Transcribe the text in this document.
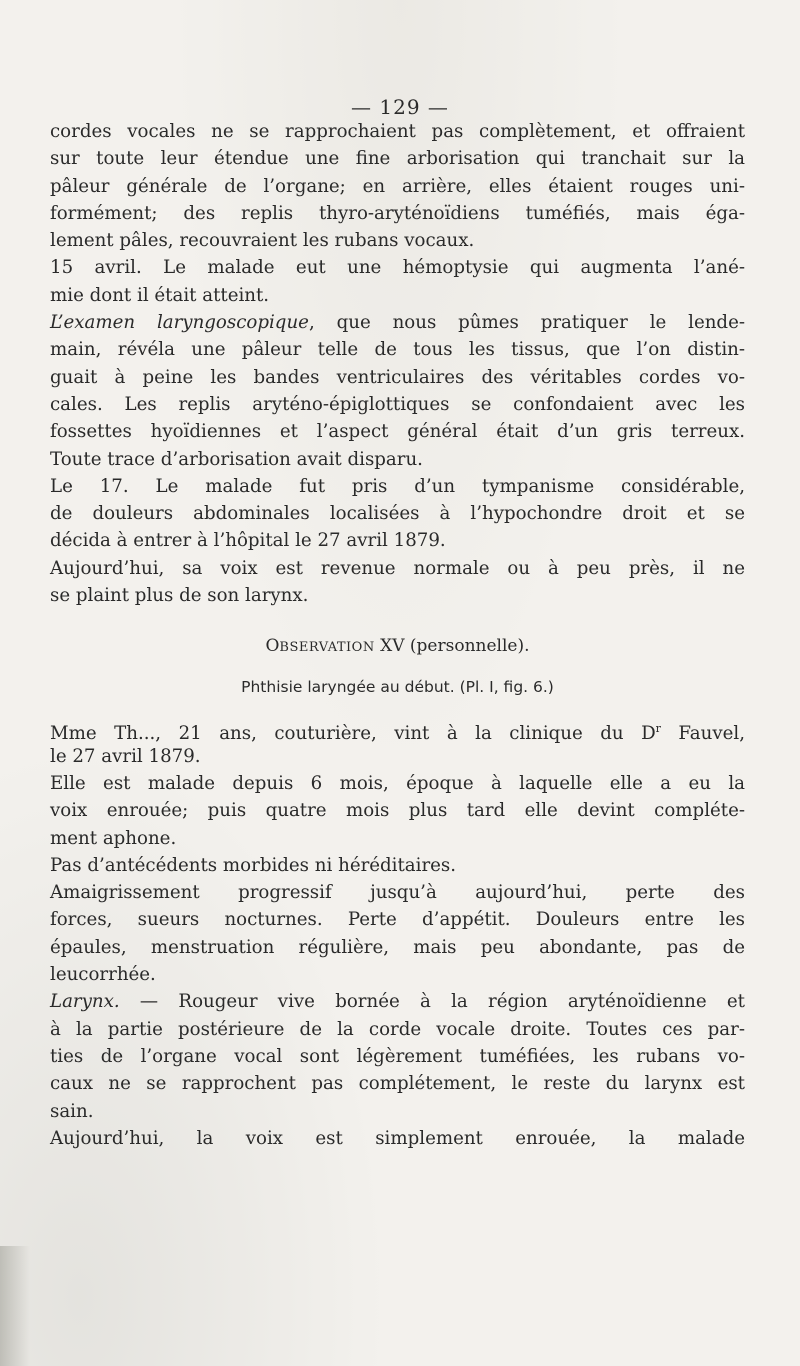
— 129 —
cordes vocales ne se rapprochaient pas complètement, et offraient
sur toute leur étendue une fine arborisation qui tranchait sur la
pâleur générale de l’organe; en arrière, elles étaient rouges uni-
formément; des replis thyro-aryténoïdiens tuméfiés, mais éga-
lement pâles, recouvraient les rubans vocaux.
15 avril. Le malade eut une hémoptysie qui augmenta l’ané-
mie dont il était atteint.
L’examen laryngoscopique, que nous pûmes pratiquer le lende-
main, révéla une pâleur telle de tous les tissus, que l’on distin-
guait à peine les bandes ventriculaires des véritables cordes vo-
cales. Les replis aryténo-épiglottiques se confondaient avec les
fossettes hyoïdiennes et l’aspect général était d’un gris terreux.
Toute trace d’arborisation avait disparu.
Le 17. Le malade fut pris d’un tympanisme considérable,
de douleurs abdominales localisées à l’hypochondre droit et se
décida à entrer à l’hôpital le 27 avril 1879.
Aujourd’hui, sa voix est revenue normale ou à peu près, il ne
se plaint plus de son larynx.
OBSERVATION XV (personnelle).
Phthisie laryngée au début. (Pl. I, fig. 6.)
Mme Th..., 21 ans, couturière, vint à la clinique du $D^r$ Fauvel,
le 27 avril 1879.
Elle est malade depuis 6 mois, époque à laquelle elle a eu la
voix enrouée; puis quatre mois plus tard elle devint compléte-
ment aphone.
Pas d’antécédents morbides ni héréditaires.
Amaigrissement progressif jusqu’à aujourd’hui, perte des
forces, sueurs nocturnes. Perte d’appétit. Douleurs entre les
épaules, menstruation régulière, mais peu abondante, pas de
leucorrhée.
Larynx. — Rougeur vive bornée à la région aryténoïdienne et
à la partie postérieure de la corde vocale droite. Toutes ces par-
ties de l’organe vocal sont légèrement tuméfiées, les rubans vo-
caux ne se rapprochent pas complétement, le reste du larynx est
sain.
Aujourd’hui, la voix est simplement enrouée, la malade
